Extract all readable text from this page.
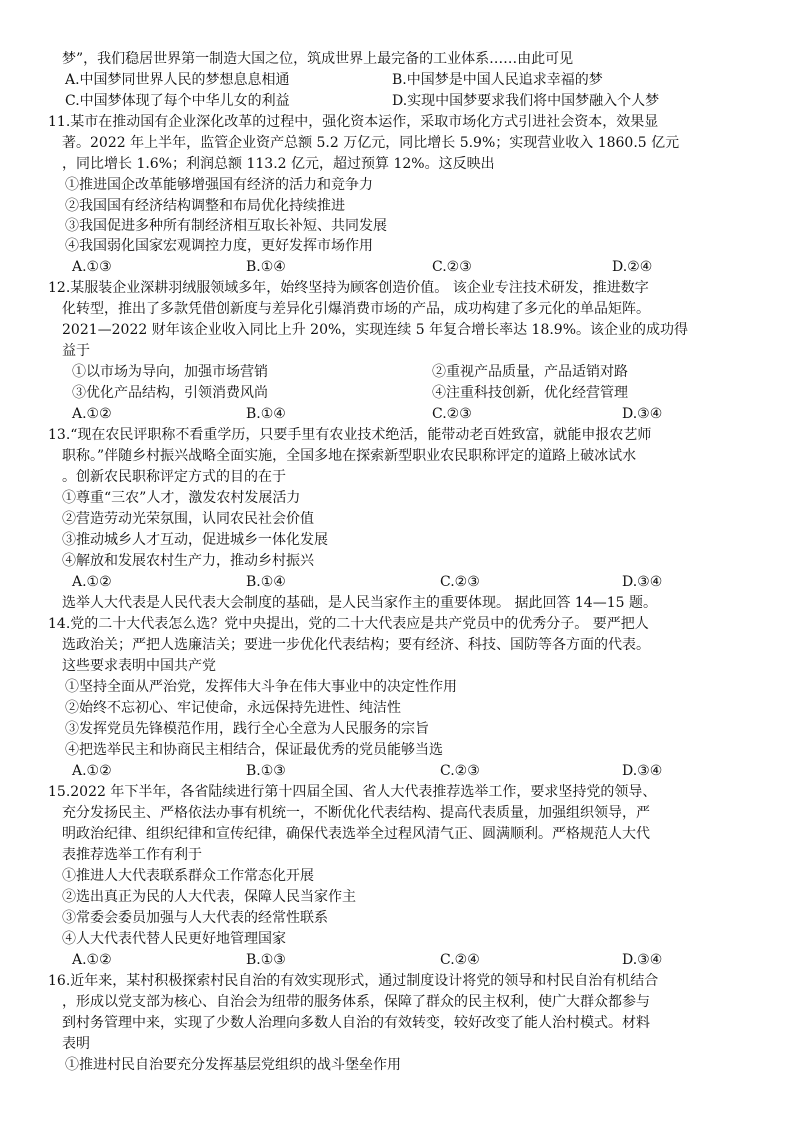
梦”，我们稳居世界第一制造大国之位，筑成世界上最完备的工业体系……由此可见
A.中国梦同世界人民的梦想息息相通	B.中国梦是中国人民追求幸福的梦
C.中国梦体现了每个中华儿女的利益	D.实现中国梦要求我们将中国梦融入个人梦
11.某市在推动国有企业深化改革的过程中，强化资本运作，采取市场化方式引进社会资本，效果显
著。2022 年上半年，监管企业资产总额 5.2 万亿元，同比增长 5.9%；实现营业收入 1860.5 亿元
，同比增长 1.6%；利润总额 113.2 亿元，超过预算 12%。这反映出
①推进国企改革能够增强国有经济的活力和竞争力
②我国国有经济结构调整和布局优化持续推进
③我国促进多种所有制经济相互取长补短、共同发展
④我国弱化国家宏观调控力度，更好发挥市场作用
A.①③	B.①④	C.②③	D.②④
12.某服装企业深耕羽绒服领域多年，始终坚持为顾客创造价值。 该企业专注技术研发，推进数字
化转型，推出了多款凭借创新度与差异化引爆消费市场的产品，成功构建了多元化的单品矩阵。
2021—2022 财年该企业收入同比上升 20%，实现连续 5 年复合增长率达 18.9%。该企业的成功得
益于
①以市场为导向，加强市场营销	②重视产品质量，产品适销对路
③优化产品结构，引领消费风尚	④注重科技创新，优化经营管理
A.①②	B.①④	C.②③	D.③④
13.“现在农民评职称不看重学历，只要手里有农业技术绝活，能带动老百姓致富，就能申报农艺师
职称。”伴随乡村振兴战略全面实施，全国多地在探索新型职业农民职称评定的道路上破冰试水
。创新农民职称评定方式的目的在于
①尊重“三农”人才，激发农村发展活力
②营造劳动光荣氛围，认同农民社会价值
③推动城乡人才互动，促进城乡一体化发展
④解放和发展农村生产力，推动乡村振兴
A.①②	B.①④	C.②③	D.③④
选举人大代表是人民代表大会制度的基础，是人民当家作主的重要体现。 据此回答 14—15 题。
14.党的二十大代表怎么选？党中央提出，党的二十大代表应是共产党员中的优秀分子。 要严把人
选政治关；严把人选廉洁关；要进一步优化代表结构；要有经济、科技、国防等各方面的代表。
这些要求表明中国共产党
①坚持全面从严治党，发挥伟大斗争在伟大事业中的决定性作用
②始终不忘初心、牢记使命，永远保持先进性、纯洁性
③发挥党员先锋模范作用，践行全心全意为人民服务的宗旨
④把选举民主和协商民主相结合，保证最优秀的党员能够当选
A.①②	B.①③	C.②③	D.③④
15.2022 年下半年，各省陆续进行第十四届全国、省人大代表推荐选举工作，要求坚持党的领导、
充分发扬民主、严格依法办事有机统一，不断优化代表结构、提高代表质量，加强组织领导，严
明政治纪律、组织纪律和宣传纪律，确保代表选举全过程风清气正、圆满顺利。严格规范人大代
表推荐选举工作有利于
①推进人大代表联系群众工作常态化开展
②选出真正为民的人大代表，保障人民当家作主
③常委会委员加强与人大代表的经常性联系
④人大代表代替人民更好地管理国家
A.①②	B.①③	C.②④	D.③④
16.近年来，某村积极探索村民自治的有效实现形式，通过制度设计将党的领导和村民自治有机结合
，形成以党支部为核心、自治会为纽带的服务体系，保障了群众的民主权利，使广大群众都参与
到村务管理中来，实现了少数人治理向多数人自治的有效转变，较好改变了能人治村模式。材料
表明
①推进村民自治要充分发挥基层党组织的战斗堡垒作用
